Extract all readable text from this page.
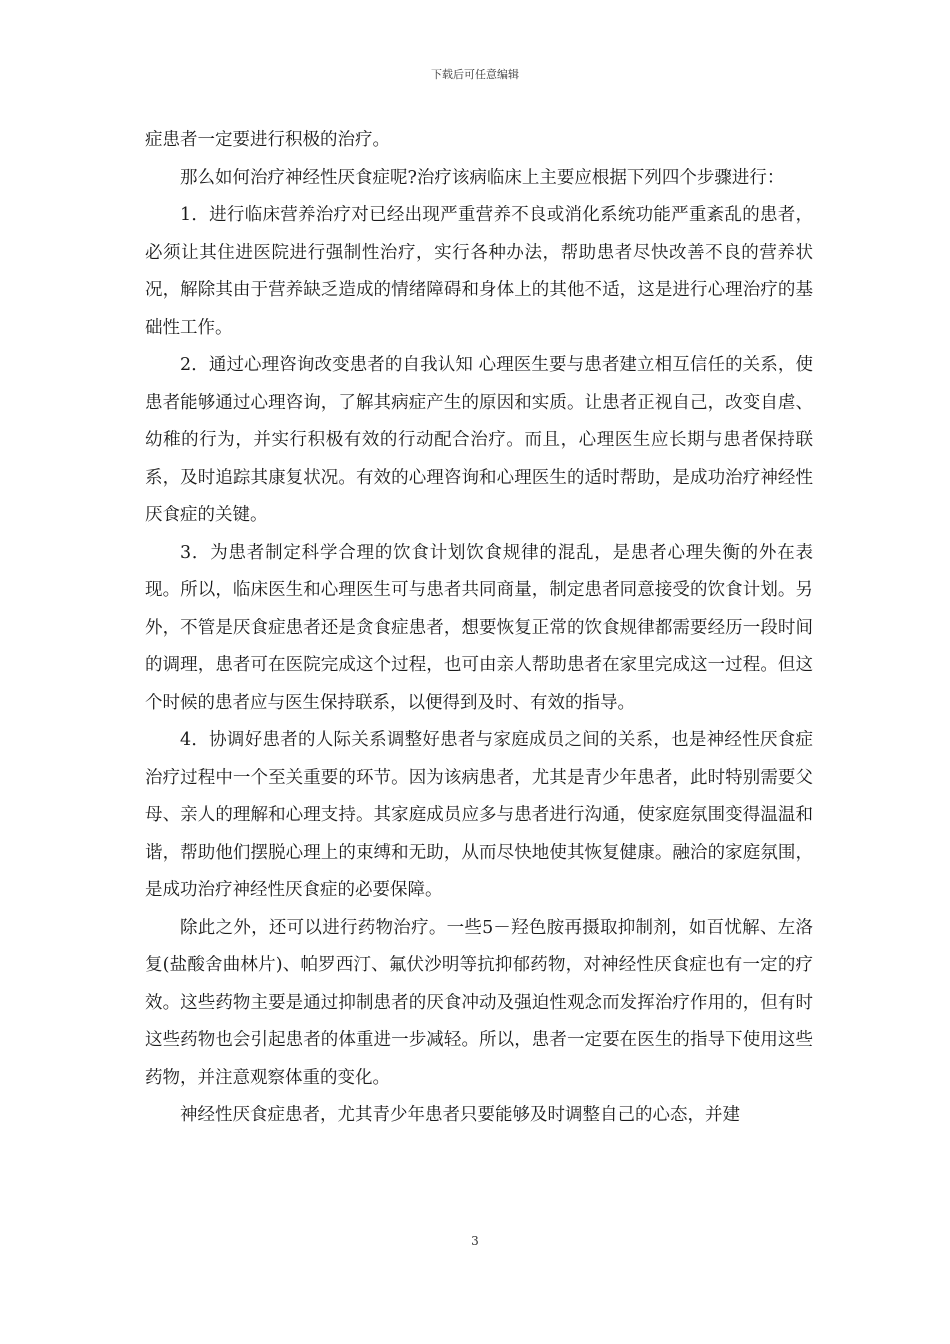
下载后可任意编辑

症患者一定要进行积极的治疗。

那么如何治疗神经性厌食症呢?治疗该病临床上主要应根据下列四个步骤进行：

1．进行临床营养治疗对已经出现严重营养不良或消化系统功能严重紊乱的患者，必须让其住进医院进行强制性治疗，实行各种办法，帮助患者尽快改善不良的营养状况，解除其由于营养缺乏造成的情绪障碍和身体上的其他不适，这是进行心理治疗的基础性工作。

2．通过心理咨询改变患者的自我认知 心理医生要与患者建立相互信任的关系，使患者能够通过心理咨询，了解其病症产生的原因和实质。让患者正视自己，改变自虐、幼稚的行为，并实行积极有效的行动配合治疗。而且，心理医生应长期与患者保持联系，及时追踪其康复状况。有效的心理咨询和心理医生的适时帮助，是成功治疗神经性厌食症的关键。

3．为患者制定科学合理的饮食计划饮食规律的混乱，是患者心理失衡的外在表现。所以，临床医生和心理医生可与患者共同商量，制定患者同意接受的饮食计划。另外，不管是厌食症患者还是贪食症患者，想要恢复正常的饮食规律都需要经历一段时间的调理，患者可在医院完成这个过程，也可由亲人帮助患者在家里完成这一过程。但这个时候的患者应与医生保持联系，以便得到及时、有效的指导。

4．协调好患者的人际关系调整好患者与家庭成员之间的关系，也是神经性厌食症治疗过程中一个至关重要的环节。因为该病患者，尤其是青少年患者，此时特别需要父母、亲人的理解和心理支持。其家庭成员应多与患者进行沟通，使家庭氛围变得温温和谐，帮助他们摆脱心理上的束缚和无助，从而尽快地使其恢复健康。融洽的家庭氛围，是成功治疗神经性厌食症的必要保障。

除此之外，还可以进行药物治疗。一些5－羟色胺再摄取抑制剂，如百忧解、左洛复(盐酸舍曲林片)、帕罗西汀、氟伏沙明等抗抑郁药物，对神经性厌食症也有一定的疗效。这些药物主要是通过抑制患者的厌食冲动及强迫性观念而发挥治疗作用的，但有时这些药物也会引起患者的体重进一步减轻。所以，患者一定要在医生的指导下使用这些药物，并注意观察体重的变化。

神经性厌食症患者，尤其青少年患者只要能够及时调整自己的心态，并建

3
